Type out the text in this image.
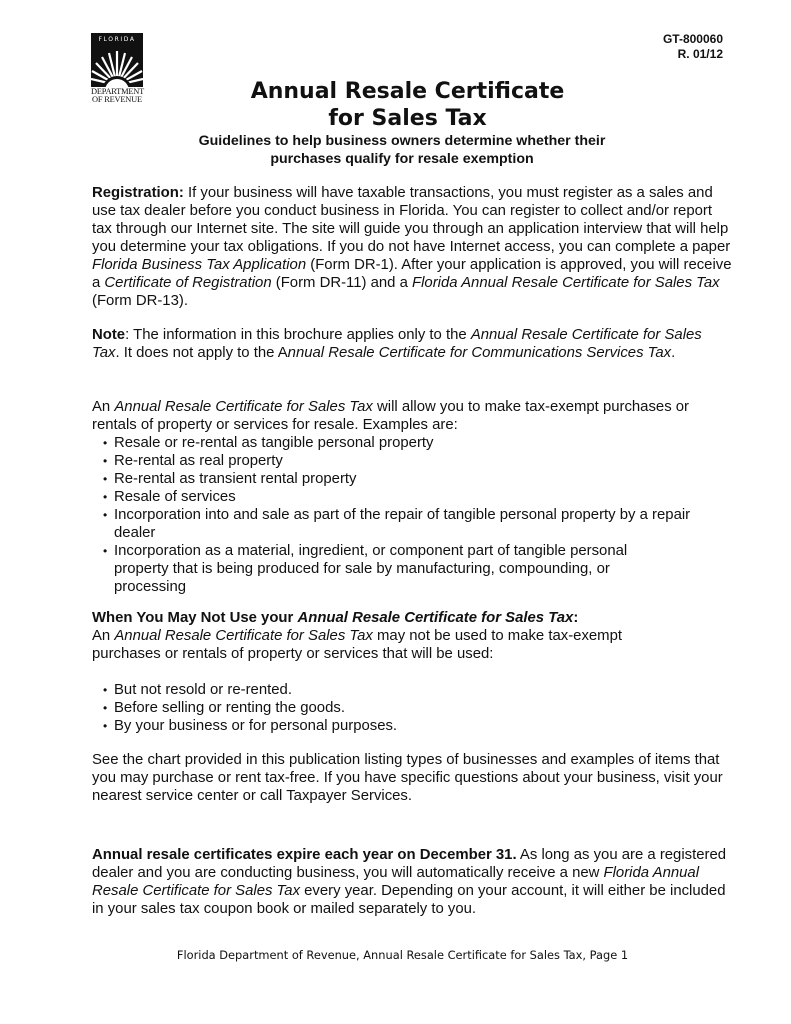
FLORIDA
DEPARTMENT
OF REVENUE
GT-800060
R. 01/12
Annual Resale Certificate
for Sales Tax
Guidelines to help business owners determine whether their
purchases qualify for resale exemption

Registration: If your business will have taxable transactions, you must register as a sales and use tax dealer before you conduct business in Florida. You can register to collect and/or report tax through our Internet site. The site will guide you through an application interview that will help you determine your tax obligations. If you do not have Internet access, you can complete a paper Florida Business Tax Application (Form DR-1). After your application is approved, you will receive a Certificate of Registration (Form DR-11) and a Florida Annual Resale Certificate for Sales Tax (Form DR-13).

Note: The information in this brochure applies only to the Annual Resale Certificate for Sales Tax. It does not apply to the Annual Resale Certificate for Communications Services Tax.

An Annual Resale Certificate for Sales Tax will allow you to make tax-exempt purchases or rentals of property or services for resale. Examples are:

• Resale or re-rental as tangible personal property
• Re-rental as real property
• Re-rental as transient rental property
• Resale of services
• Incorporation into and sale as part of the repair of tangible personal property by a repair dealer
• Incorporation as a material, ingredient, or component part of tangible personal property that is being produced for sale by manufacturing, compounding, or processing

When You May Not Use your Annual Resale Certificate for Sales Tax:

An Annual Resale Certificate for Sales Tax may not be used to make tax-exempt purchases or rentals of property or services that will be used:

• But not resold or re-rented.
• Before selling or renting the goods.
• By your business or for personal purposes.

See the chart provided in this publication listing types of businesses and examples of items that you may purchase or rent tax-free. If you have specific questions about your business, visit your nearest service center or call Taxpayer Services.

Annual resale certificates expire each year on December 31. As long as you are a registered dealer and you are conducting business, you will automatically receive a new Florida Annual Resale Certificate for Sales Tax every year. Depending on your account, it will either be included in your sales tax coupon book or mailed separately to you.

Florida Department of Revenue, Annual Resale Certificate for Sales Tax, Page 1
